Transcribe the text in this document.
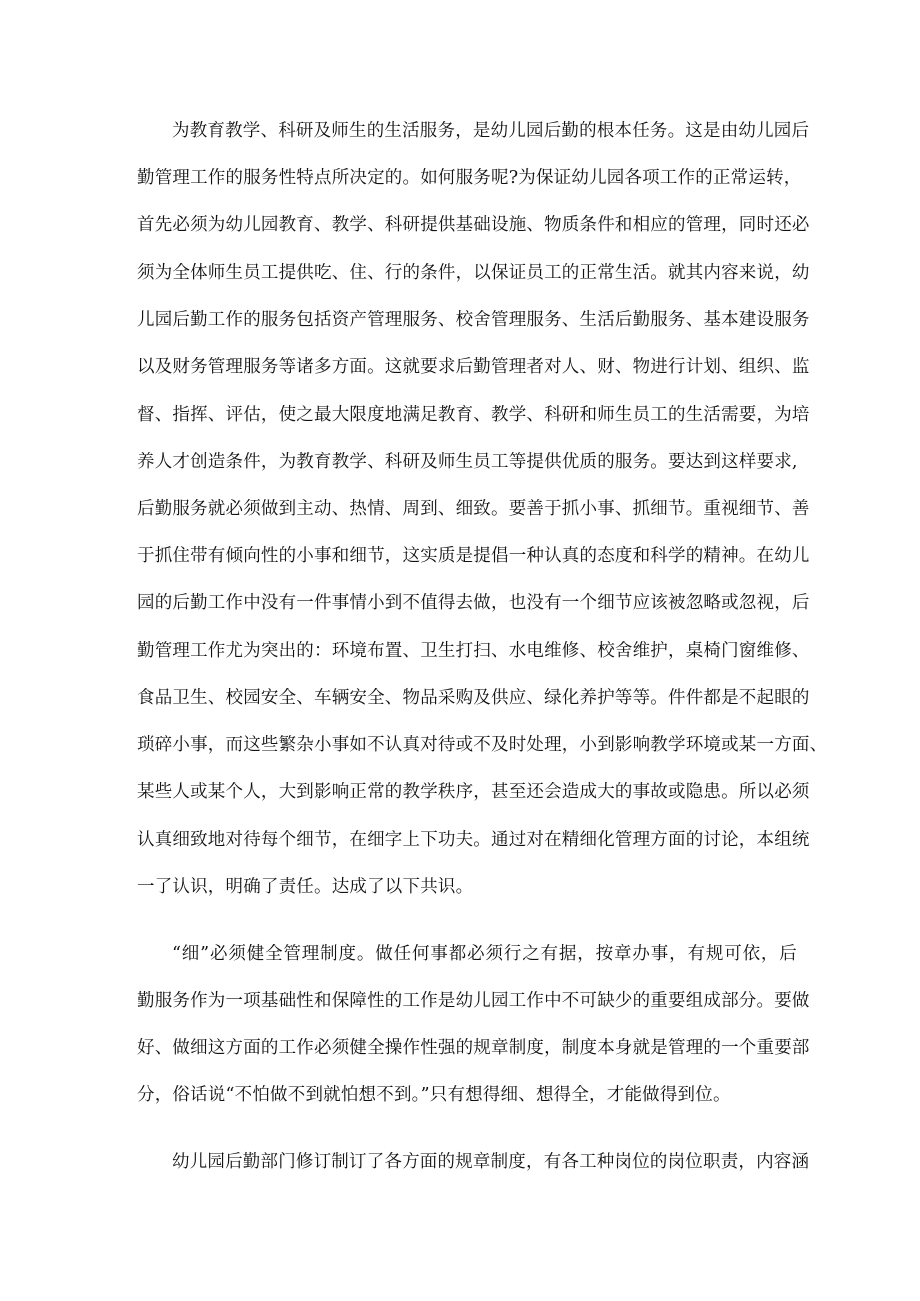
为教育教学、科研及师生的生活服务，是幼儿园后勤的根本任务。这是由幼儿园后
勤管理工作的服务性特点所决定的。如何服务呢?为保证幼儿园各项工作的正常运转，
首先必须为幼儿园教育、教学、科研提供基础设施、物质条件和相应的管理，同时还必
须为全体师生员工提供吃、住、行的条件，以保证员工的正常生活。就其内容来说，幼
儿园后勤工作的服务包括资产管理服务、校舍管理服务、生活后勤服务、基本建设服务
以及财务管理服务等诸多方面。这就要求后勤管理者对人、财、物进行计划、组织、监
督、指挥、评估，使之最大限度地满足教育、教学、科研和师生员工的生活需要，为培
养人才创造条件，为教育教学、科研及师生员工等提供优质的服务。要达到这样要求,
后勤服务就必须做到主动、热情、周到、细致。要善于抓小事、抓细节。重视细节、善
于抓住带有倾向性的小事和细节，这实质是提倡一种认真的态度和科学的精神。在幼儿
园的后勤工作中没有一件事情小到不值得去做，也没有一个细节应该被忽略或忽视，后
勤管理工作尤为突出的：环境布置、卫生打扫、水电维修、校舍维护，桌椅门窗维修、
食品卫生、校园安全、车辆安全、物品采购及供应、绿化养护等等。件件都是不起眼的
琐碎小事，而这些繁杂小事如不认真对待或不及时处理，小到影响教学环境或某一方面、
某些人或某个人，大到影响正常的教学秩序，甚至还会造成大的事故或隐患。所以必须
认真细致地对待每个细节，在细字上下功夫。通过对在精细化管理方面的讨论，本组统
一了认识，明确了责任。达成了以下共识。
“细”必须健全管理制度。做任何事都必须行之有据，按章办事，有规可依，后
勤服务作为一项基础性和保障性的工作是幼儿园工作中不可缺少的重要组成部分。要做
好、做细这方面的工作必须健全操作性强的规章制度，制度本身就是管理的一个重要部
分，俗话说“不怕做不到就怕想不到。”只有想得细、想得全，才能做得到位。
幼儿园后勤部门修订制订了各方面的规章制度，有各工种岗位的岗位职责，内容涵
